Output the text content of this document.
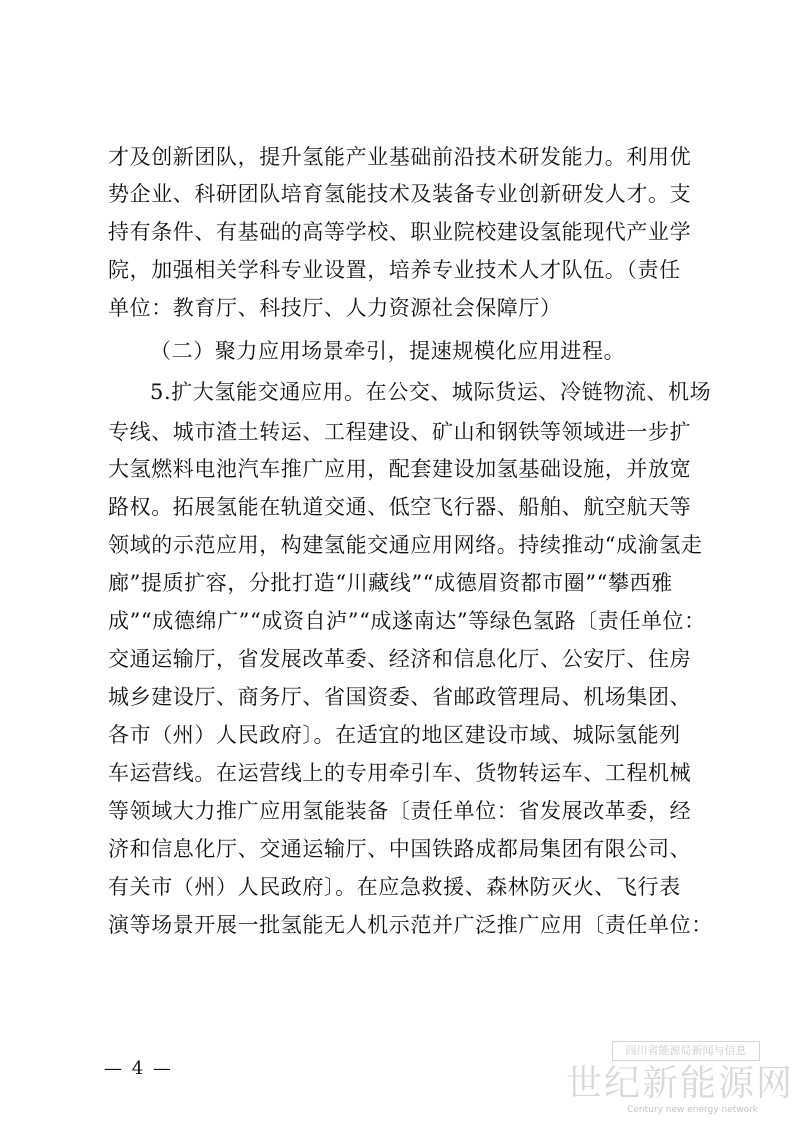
才及创新团队，提升氢能产业基础前沿技术研发能力。利用优
势企业、科研团队培育氢能技术及装备专业创新研发人才。支
持有条件、有基础的高等学校、职业院校建设氢能现代产业学
院，加强相关学科专业设置，培养专业技术人才队伍。（责任
单位：教育厅、科技厅、人力资源社会保障厅）
（二）聚力应用场景牵引，提速规模化应用进程。
5.扩大氢能交通应用。在公交、城际货运、冷链物流、机场
专线、城市渣土转运、工程建设、矿山和钢铁等领域进一步扩
大氢燃料电池汽车推广应用，配套建设加氢基础设施，并放宽
路权。拓展氢能在轨道交通、低空飞行器、船舶、航空航天等
领域的示范应用，构建氢能交通应用网络。持续推动“成渝氢走
廊”提质扩容，分批打造“川藏线”“成德眉资都市圈”“攀西雅
成”“成德绵广”“成资自泸”“成遂南达”等绿色氢路〔责任单位：
交通运输厅，省发展改革委、经济和信息化厅、公安厅、住房
城乡建设厅、商务厅、省国资委、省邮政管理局、机场集团、
各市（州）人民政府〕。在适宜的地区建设市域、城际氢能列
车运营线。在运营线上的专用牵引车、货物转运车、工程机械
等领域大力推广应用氢能装备〔责任单位：省发展改革委，经
济和信息化厅、交通运输厅、中国铁路成都局集团有限公司、
有关市（州）人民政府〕。在应急救援、森林防灭火、飞行表
演等场景开展一批氢能无人机示范并广泛推广应用〔责任单位：
— 4 —
四川省能源局新闻与信息
世纪新能源网
Century new energy network
